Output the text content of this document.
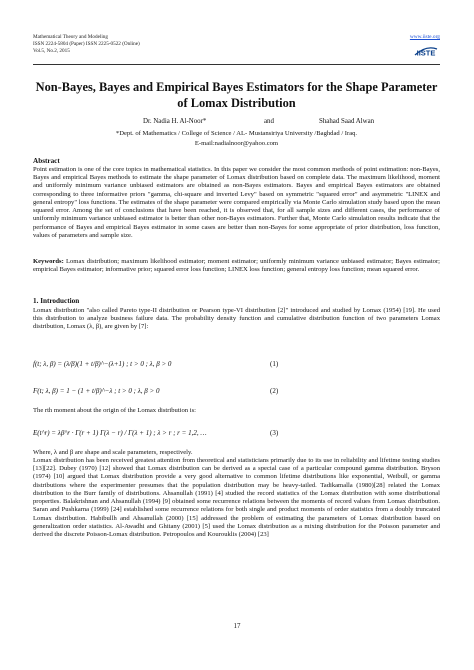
Mathematical Theory and Modeling
ISSN 2224-5804 (Paper) ISSN 2225-0522 (Online)
Vol.5, No.2, 2015
www.iiste.org
IISTE
Non-Bayes, Bayes and Empirical Bayes Estimators for the Shape Parameter of Lomax Distribution
Dr. Nadia H. Al-Noor*	and	Shahad Saad Alwan
*Dept. of Mathematics / College of Science / AL- Mustansiriya University /Baghdad / Iraq.
E-mail:nadialnoor@yahoo.com
Abstract

Point estimation is one of the core topics in mathematical statistics. In this paper we consider the most common methods of point estimation: non-Bayes, Bayes and empirical Bayes methods to estimate the shape parameter of Lomax distribution based on complete data. The maximum likelihood, moment and uniformly minimum variance unbiased estimators are obtained as non-Bayes estimators. Bayes and empirical Bayes estimators are obtained corresponding to three informative priors "gamma, chi-square and inverted Levy" based on symmetric "squared error" and asymmetric "LINEX and general entropy" loss functions. The estimates of the shape parameter were compared empirically via Monte Carlo simulation study based upon the mean squared error. Among the set of conclusions that have been reached, it is observed that, for all sample sizes and different cases, the performance of uniformly minimum variance unbiased estimator is better than other non-Bayes estimators. Further that, Monte Carlo simulation results indicate that the performance of Bayes and empirical Bayes estimator in some cases are better than non-Bayes for some appropriate of prior distribution, loss function, values of parameters and sample size.

Keywords: Lomax distribution; maximum likelihood estimator; moment estimator; uniformly minimum variance unbiased estimator; Bayes estimator; empirical Bayes estimator; informative prior; squared error loss function; LINEX loss function; general entropy loss function; mean squared error.

1. Introduction

Lomax distribution "also called Pareto type-II distribution or Pearson type-VI distribution [2]" introduced and studied by Lomax (1954) [19]. He used this distribution to analyze business failure data. The probability density function and cumulative distribution function of two parameters Lomax distribution, Lomax (λ, β), are given by [7]:

f(t; λ, β) = (λ/β)(1 + t/β)^−(λ+1) ; t > 0 ; λ, β > 0	(1)
F(t; λ, β) = 1 − (1 + t/β)^−λ ; t > 0 ; λ, β > 0	(2)

The rth moment about the origin of the Lomax distribution is:

E(t^r) = λβ^r · Γ(r + 1) Γ(λ − r) / Γ(λ + 1) ; λ > r ; r = 1,2, …	(3)

Where, λ and β are shape and scale parameters, respectively.

Lomax distribution has been received greatest attention from theoretical and statisticians primarily due to its use in reliability and lifetime testing studies [13][22]. Dubey (1970) [12] showed that Lomax distribution can be derived as a special case of a particular compound gamma distribution. Bryson (1974) [10] argued that Lomax distribution provide a very good alternative to common lifetime distributions like exponential, Weibull, or gamma distributions where the experimenter presumes that the population distribution may be heavy-tailed. Tadikamalla (1980)[28] related the Lomax distribution to the Burr family of distributions. Ahsanullah (1991) [4] studied the record statistics of the Lomax distribution with some distributional properties. Balakrishnan and Ahsanullah (1994) [9] obtained some recurrence relations between the moments of record values from Lomax distribution. Saran and Pushkarna (1999) [24] established some recurrence relations for both single and product moments of order statistics from a doubly truncated Lomax distribution. Habibullh and Ahsanullah (2000) [15] addressed the problem of estimating the parameters of Lomax distribution based on generalization order statistics. Al-Awadhi and Ghitany (2001) [5] used the Lomax distribution as a mixing distribution for the Poisson parameter and derived the discrete Poisson-Lomax distribution. Petropoulos and Kourouklis (2004) [23]

17
